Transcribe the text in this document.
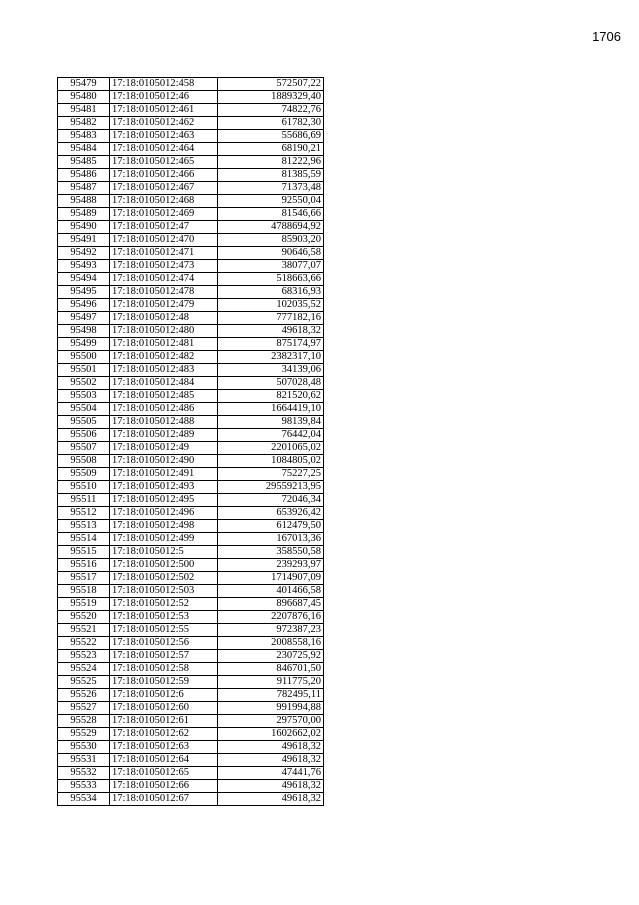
1706
95479	17:18:0105012:458	572507,22
95480	17:18:0105012:46	1889329,40
95481	17:18:0105012:461	74822,76
95482	17:18:0105012:462	61782,30
95483	17:18:0105012:463	55686,69
95484	17:18:0105012:464	68190,21
95485	17:18:0105012:465	81222,96
95486	17:18:0105012:466	81385,59
95487	17:18:0105012:467	71373,48
95488	17:18:0105012:468	92550,04
95489	17:18:0105012:469	81546,66
95490	17:18:0105012:47	4788694,92
95491	17:18:0105012:470	85903,20
95492	17:18:0105012:471	90646,58
95493	17:18:0105012:473	38077,07
95494	17:18:0105012:474	518663,66
95495	17:18:0105012:478	68316,93
95496	17:18:0105012:479	102035,52
95497	17:18:0105012:48	777182,16
95498	17:18:0105012:480	49618,32
95499	17:18:0105012:481	875174,97
95500	17:18:0105012:482	2382317,10
95501	17:18:0105012:483	34139,06
95502	17:18:0105012:484	507028,48
95503	17:18:0105012:485	821520,62
95504	17:18:0105012:486	1664419,10
95505	17:18:0105012:488	98139,84
95506	17:18:0105012:489	76442,04
95507	17:18:0105012:49	2201065,02
95508	17:18:0105012:490	1084805,02
95509	17:18:0105012:491	75227,25
95510	17:18:0105012:493	29559213,95
95511	17:18:0105012:495	72046,34
95512	17:18:0105012:496	653926,42
95513	17:18:0105012:498	612479,50
95514	17:18:0105012:499	167013,36
95515	17:18:0105012:5	358550,58
95516	17:18:0105012:500	239293,97
95517	17:18:0105012:502	1714907,09
95518	17:18:0105012:503	401466,58
95519	17:18:0105012:52	896687,45
95520	17:18:0105012:53	2207876,16
95521	17:18:0105012:55	972387,23
95522	17:18:0105012:56	2008558,16
95523	17:18:0105012:57	230725,92
95524	17:18:0105012:58	846701,50
95525	17:18:0105012:59	911775,20
95526	17:18:0105012:6	782495,11
95527	17:18:0105012:60	991994,88
95528	17:18:0105012:61	297570,00
95529	17:18:0105012:62	1602662,02
95530	17:18:0105012:63	49618,32
95531	17:18:0105012:64	49618,32
95532	17:18:0105012:65	47441,76
95533	17:18:0105012:66	49618,32
95534	17:18:0105012:67	49618,32
